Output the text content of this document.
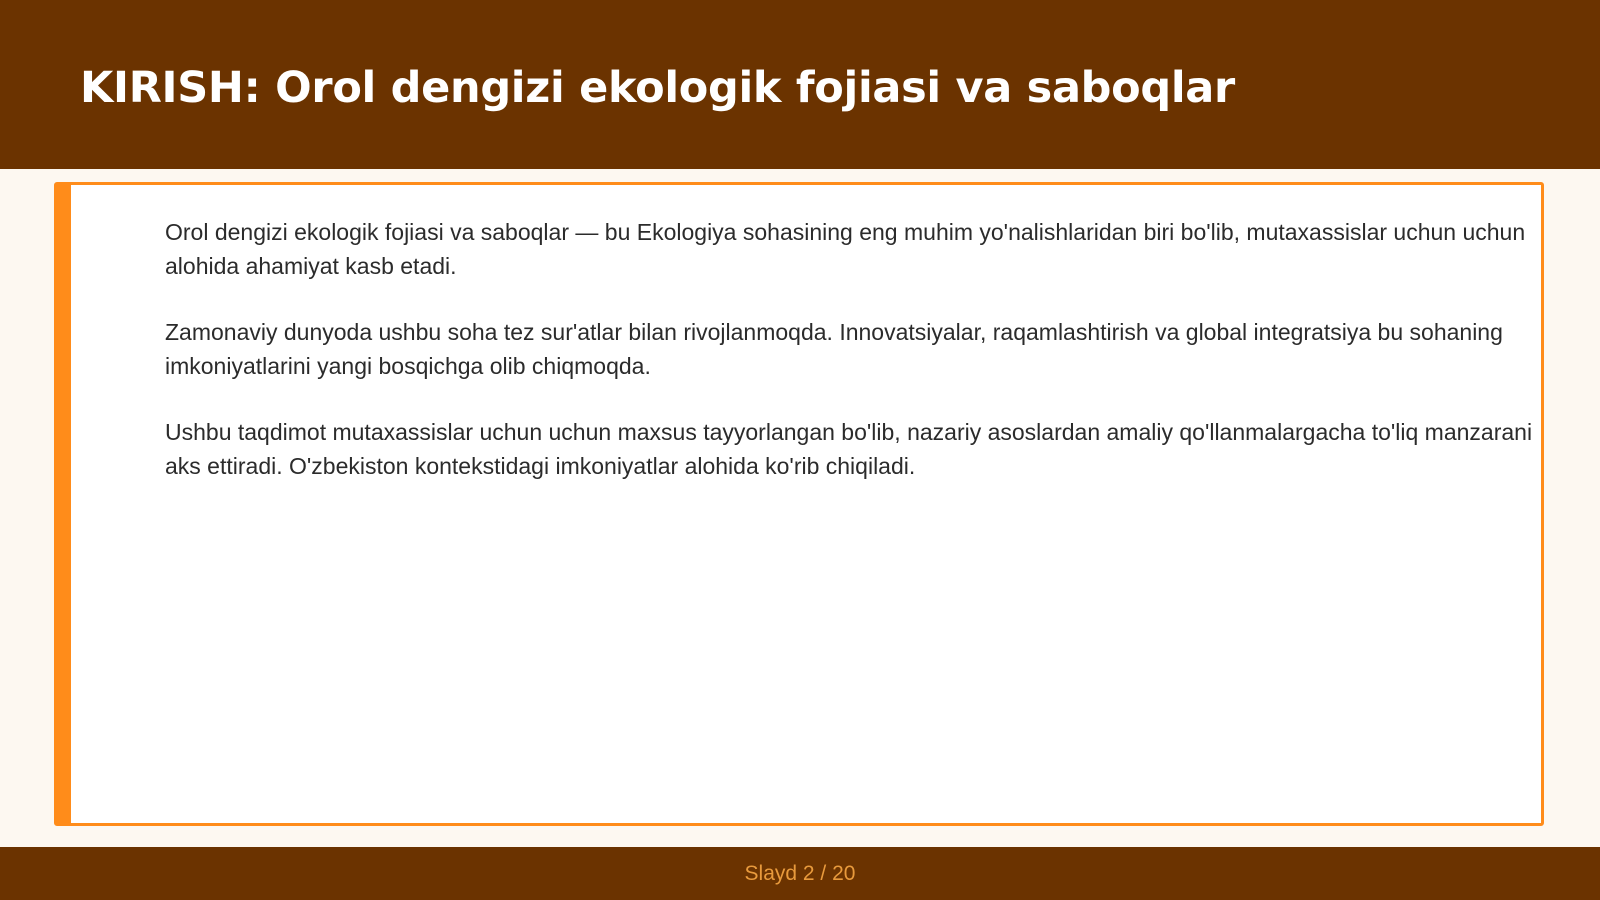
KIRISH: Orol dengizi ekologik fojiasi va saboqlar

Orol dengizi ekologik fojiasi va saboqlar — bu Ekologiya sohasining eng muhim yo'nalishlaridan biri bo'lib, mutaxassislar uchun uchun alohida ahamiyat kasb etadi.

Zamonaviy dunyoda ushbu soha tez sur'atlar bilan rivojlanmoqda. Innovatsiyalar, raqamlashtirish va global integratsiya bu sohaning imkoniyatlarini yangi bosqichga olib chiqmoqda.

Ushbu taqdimot mutaxassislar uchun uchun maxsus tayyorlangan bo'lib, nazariy asoslardan amaliy qo'llanmalargacha to'liq manzarani aks ettiradi. O'zbekiston kontekstidagi imkoniyatlar alohida ko'rib chiqiladi.

Slayd 2 / 20
